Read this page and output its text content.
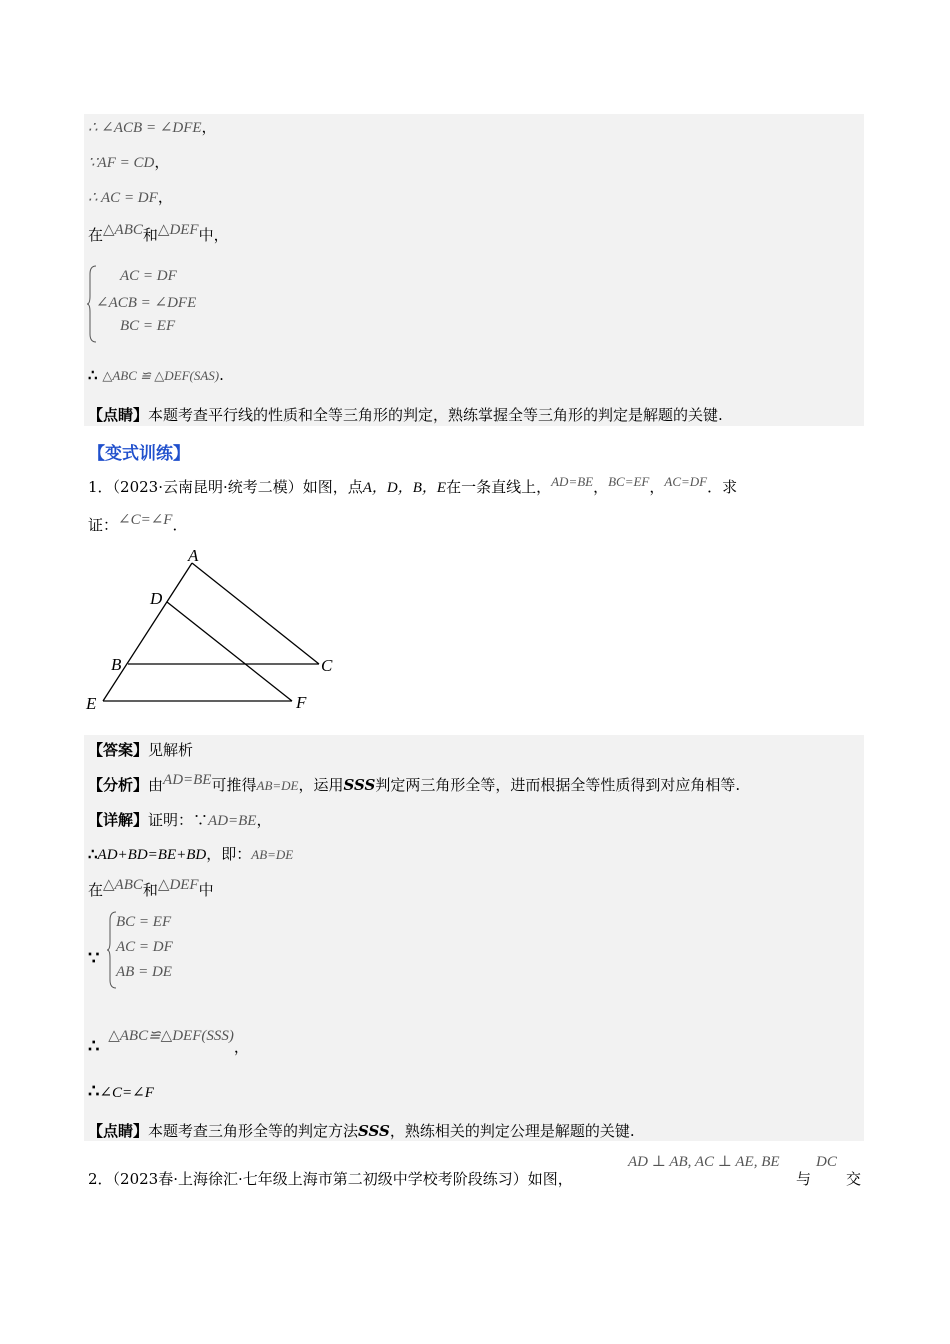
∴ ∠ACB = ∠DFE，
∵AF = CD，
∴ AC = DF，
在△ABC和△DEF中，
AC = DF
∠ACB = ∠DFE
BC = EF
∴ △ABC ≌ △DEF(SAS).
【点睛】本题考查平行线的性质和全等三角形的判定，熟练掌握全等三角形的判定是解题的关键.
【变式训练】
1．（2023·云南昆明·统考二模）如图，点A，D，B，E在一条直线上，AD=BE，BC=EF，AC=DF．求
证：∠C=∠F．
A
D
B	C
E	F
【答案】见解析
【分析】由AD=BE可推得AB=DE，运用SSS判定两三角形全等，进而根据全等性质得到对应角相等.
【详解】证明：∵AD=BE，
∴AD+BD=BE+BD，即：AB=DE
在△ABC和△DEF中
∵
BC = EF
AC = DF
AB = DE
∴ △ABC≌△DEF(SSS)，
∴∠C=∠F
【点睛】本题考查三角形全等的判定方法SSS，熟练相关的判定公理是解题的关键.
2．（2023春·上海徐汇·七年级上海市第二初级中学校考阶段练习）如图，
AD ⊥ AB, AC ⊥ AE, BE
与
DC
交
